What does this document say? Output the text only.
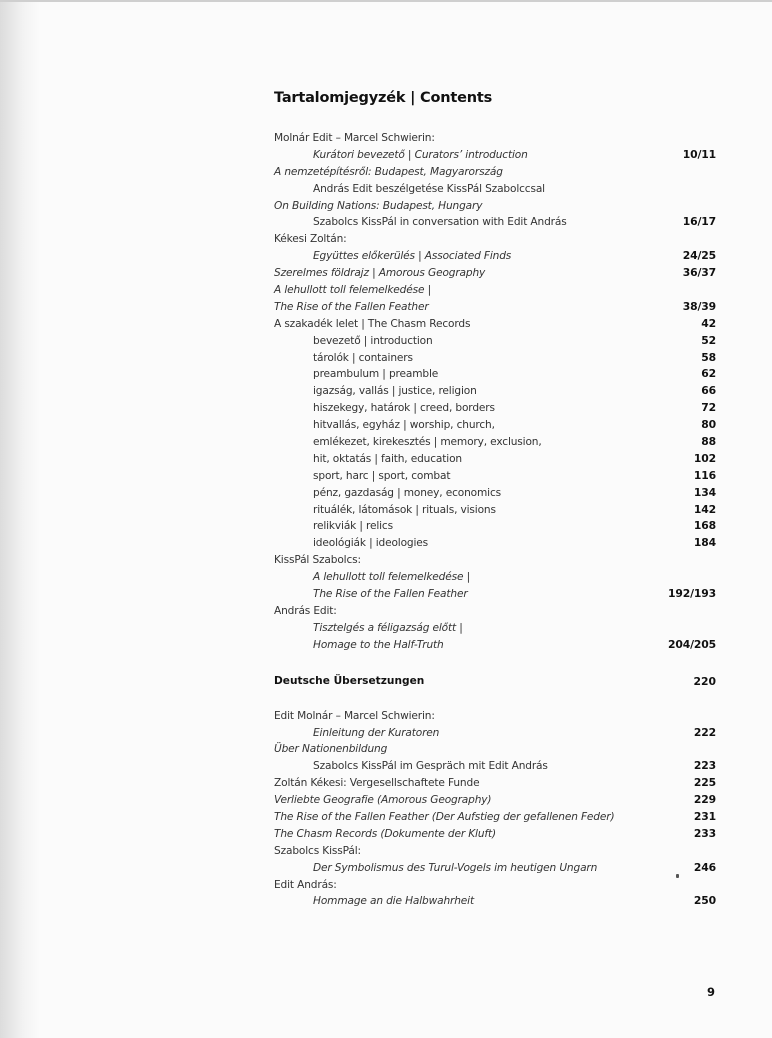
Tartalomjegyzék | Contents
Molnár Edit – Marcel Schwierin:
Kurátori bevezető | Curators’ introduction	10/11
A nemzetépítésről: Budapest, Magyarország
András Edit beszélgetése KissPál Szabolccsal
On Building Nations: Budapest, Hungary
Szabolcs KissPál in conversation with Edit András	16/17
Kékesi Zoltán:
Együttes előkerülés | Associated Finds	24/25
Szerelmes földrajz | Amorous Geography	36/37
A lehullott toll felemelkedése |
The Rise of the Fallen Feather	38/39
A szakadék lelet | The Chasm Records	42
bevezető | introduction	52
tárolók | containers	58
preambulum | preamble	62
igazság, vallás | justice, religion	66
hiszekegy, határok | creed, borders	72
hitvallás, egyház | worship, church,	80
emlékezet, kirekesztés | memory, exclusion,	88
hit, oktatás | faith, education	102
sport, harc | sport, combat	116
pénz, gazdaság | money, economics	134
rituálék, látomások | rituals, visions	142
relikviák | relics	168
ideológiák | ideologies	184
KissPál Szabolcs:
A lehullott toll felemelkedése |
The Rise of the Fallen Feather	192/193
András Edit:
Tisztelgés a féligazság előtt |
Homage to the Half-Truth	204/205
Deutsche Übersetzungen	220
Edit Molnár – Marcel Schwierin:
Einleitung der Kuratoren	222
Über Nationenbildung
Szabolcs KissPál im Gespräch mit Edit András	223
Zoltán Kékesi: Vergesellschaftete Funde	225
Verliebte Geografie (Amorous Geography)	229
The Rise of the Fallen Feather (Der Aufstieg der gefallenen Feder)	231
The Chasm Records (Dokumente der Kluft)	233
Szabolcs KissPál:
Der Symbolismus des Turul-Vogels im heutigen Ungarn	246
Edit András:
Hommage an die Halbwahrheit	250
9
